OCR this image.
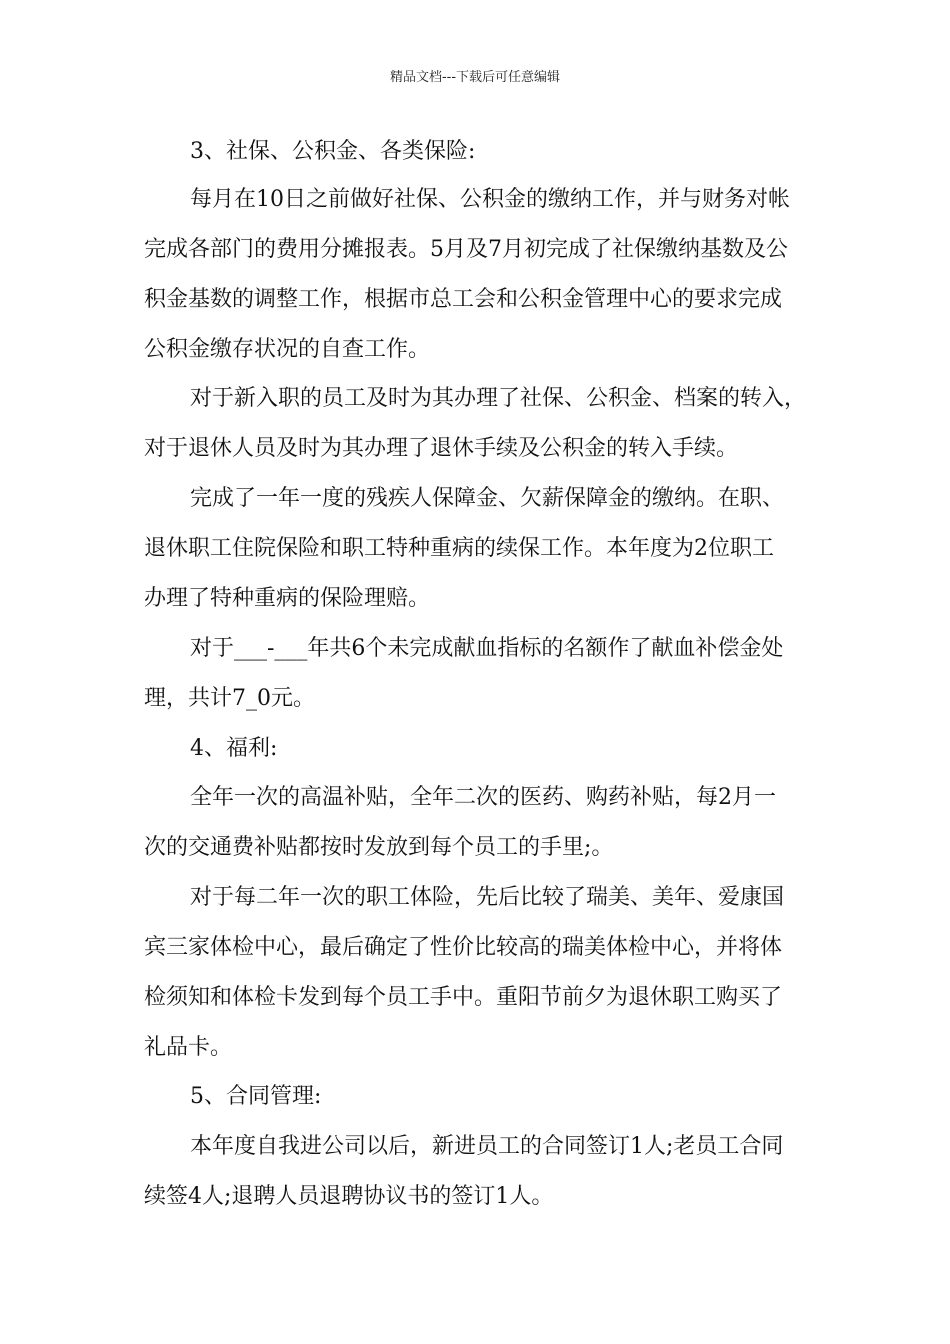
精品文档---下载后可任意编辑
3、社保、公积金、各类保险:
每月在10日之前做好社保、公积金的缴纳工作，并与财务对帐
完成各部门的费用分摊报表。5月及7月初完成了社保缴纳基数及公
积金基数的调整工作，根据市总工会和公积金管理中心的要求完成
公积金缴存状况的自查工作。
对于新入职的员工及时为其办理了社保、公积金、档案的转入，
对于退休人员及时为其办理了退休手续及公积金的转入手续。
完成了一年一度的残疾人保障金、欠薪保障金的缴纳。在职、
退休职工住院保险和职工特种重病的续保工作。本年度为2位职工
办理了特种重病的保险理赔。
对于___-___年共6个未完成献血指标的名额作了献血补偿金处
理，共计7_0元。
4、福利:
全年一次的高温补贴，全年二次的医药、购药补贴，每2月一
次的交通费补贴都按时发放到每个员工的手里;。
对于每二年一次的职工体险，先后比较了瑞美、美年、爱康国
宾三家体检中心，最后确定了性价比较高的瑞美体检中心，并将体
检须知和体检卡发到每个员工手中。重阳节前夕为退休职工购买了
礼品卡。
5、合同管理:
本年度自我进公司以后，新进员工的合同签订1人;老员工合同
续签4人;退聘人员退聘协议书的签订1人。
